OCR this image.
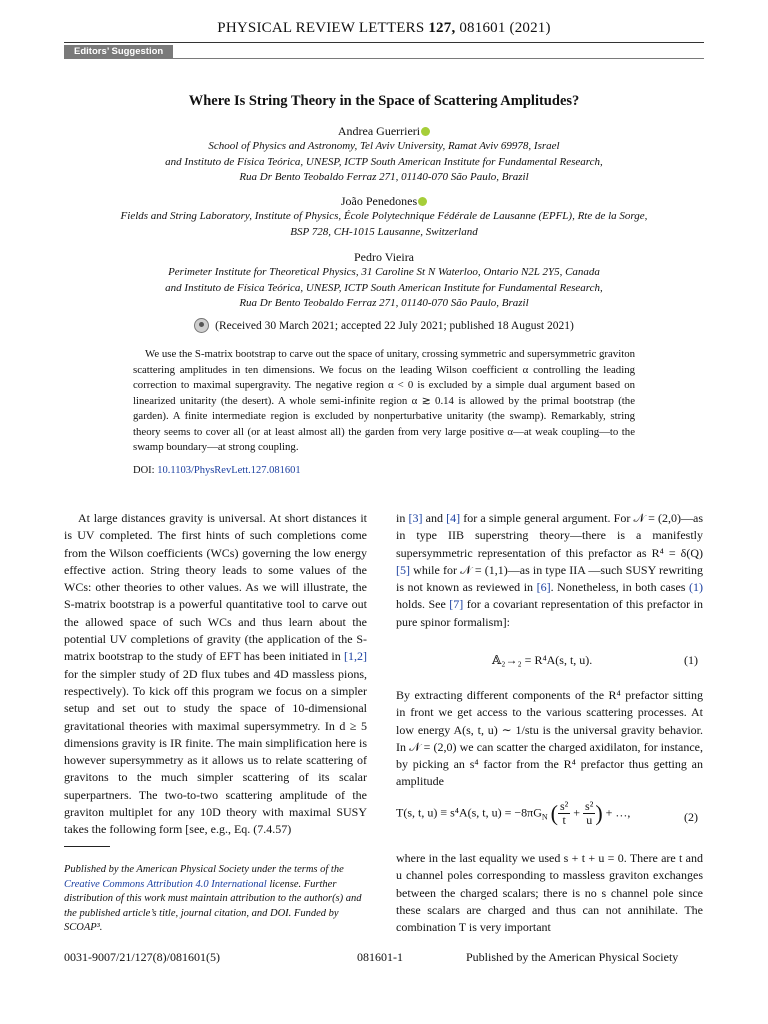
PHYSICAL REVIEW LETTERS 127, 081601 (2021)
Editors’ Suggestion
Where Is String Theory in the Space of Scattering Amplitudes?
Andrea Guerrieri
School of Physics and Astronomy, Tel Aviv University, Ramat Aviv 69978, Israel
and Instituto de Física Teórica, UNESP, ICTP South American Institute for Fundamental Research,
Rua Dr Bento Teobaldo Ferraz 271, 01140-070 São Paulo, Brazil
João Penedones
Fields and String Laboratory, Institute of Physics, École Polytechnique Fédérale de Lausanne (EPFL), Rte de la Sorge,
BSP 728, CH-1015 Lausanne, Switzerland
Pedro Vieira
Perimeter Institute for Theoretical Physics, 31 Caroline St N Waterloo, Ontario N2L 2Y5, Canada
and Instituto de Física Teórica, UNESP, ICTP South American Institute for Fundamental Research,
Rua Dr Bento Teobaldo Ferraz 271, 01140-070 São Paulo, Brazil
(Received 30 March 2021; accepted 22 July 2021; published 18 August 2021)

We use the S-matrix bootstrap to carve out the space of unitary, crossing symmetric and supersymmetric graviton scattering amplitudes in ten dimensions. We focus on the leading Wilson coefficient α controlling the leading correction to maximal supergravity. The negative region α < 0 is excluded by a simple dual argument based on linearized unitarity (the desert). A whole semi-infinite region α ≳ 0.14 is allowed by the primal bootstrap (the garden). A finite intermediate region is excluded by nonperturbative unitarity (the swamp). Remarkably, string theory seems to cover all (or at least almost all) the garden from very large positive α—at weak coupling—to the swamp boundary—at strong coupling.

DOI: 10.1103/PhysRevLett.127.081601

At large distances gravity is universal. At short distances it is UV completed. The first hints of such completions come from the Wilson coefficients (WCs) governing the low energy effective action. String theory leads to some values of the WCs: other theories to other values. As we will illustrate, the S-matrix bootstrap is a powerful quantitative tool to carve out the allowed space of such WCs and thus learn about the potential UV completions of gravity (the application of the S-matrix bootstrap to the study of EFT has been initiated in [1,2] for the simpler study of 2D flux tubes and 4D massless pions, respectively). To kick off this program we focus on a simpler setup and set out to study the space of 10-dimensional gravitational theories with maximal supersymmetry. In d ≥ 5 dimensions gravity is IR finite. The main simplification here is however supersymmetry as it allows us to relate scattering of gravitons to the much simpler scattering of its scalar superpartners. The two-to-two scattering amplitude of the graviton multiplet for any 10D theory with maximal SUSY takes the following form [see, e.g., Eq. (7.4.57)

Published by the American Physical Society under the terms of the Creative Commons Attribution 4.0 International license. Further distribution of this work must maintain attribution to the author(s) and the published article’s title, journal citation, and DOI. Funded by SCOAP³.

in [3] and [4] for a simple general argument. For 𝒩 = (2,0)—as in type IIB superstring theory—there is a manifestly supersymmetric representation of this prefactor as R⁴ = δ(Q) [5] while for 𝒩 = (1,1)—as in type IIA —such SUSY rewriting is not known as reviewed in [6]. Nonetheless, in both cases (1) holds. See [7] for a covariant representation of this prefactor in pure spinor formalism]:

𝔸₂→₂ = R⁴A(s, t, u).	(1)

By extracting different components of the R⁴ prefactor sitting in front we get access to the various scattering processes. At low energy A(s, t, u) ∼ 1/stu is the universal gravity behavior. In 𝒩 = (2,0) we can scatter the charged axidilaton, for instance, by picking an s⁴ factor from the R⁴ prefactor thus getting an amplitude

T(s, t, u) ≡ s⁴A(s, t, $u) = -8\pi G_N$ ( $\frac{\text{s²}}{t} + \frac{\text{s²}}{u}$ ) + …,	(2)

where in the last equality we used s + t + u = 0. There are t and u channel poles corresponding to massless graviton exchanges between the charged scalars; there is no s channel pole since these scalars are charged and thus can not annihilate. The combination T is very important

0031-9007/21/127(8)/081601(5)	081601-1	Published by the American Physical Society
